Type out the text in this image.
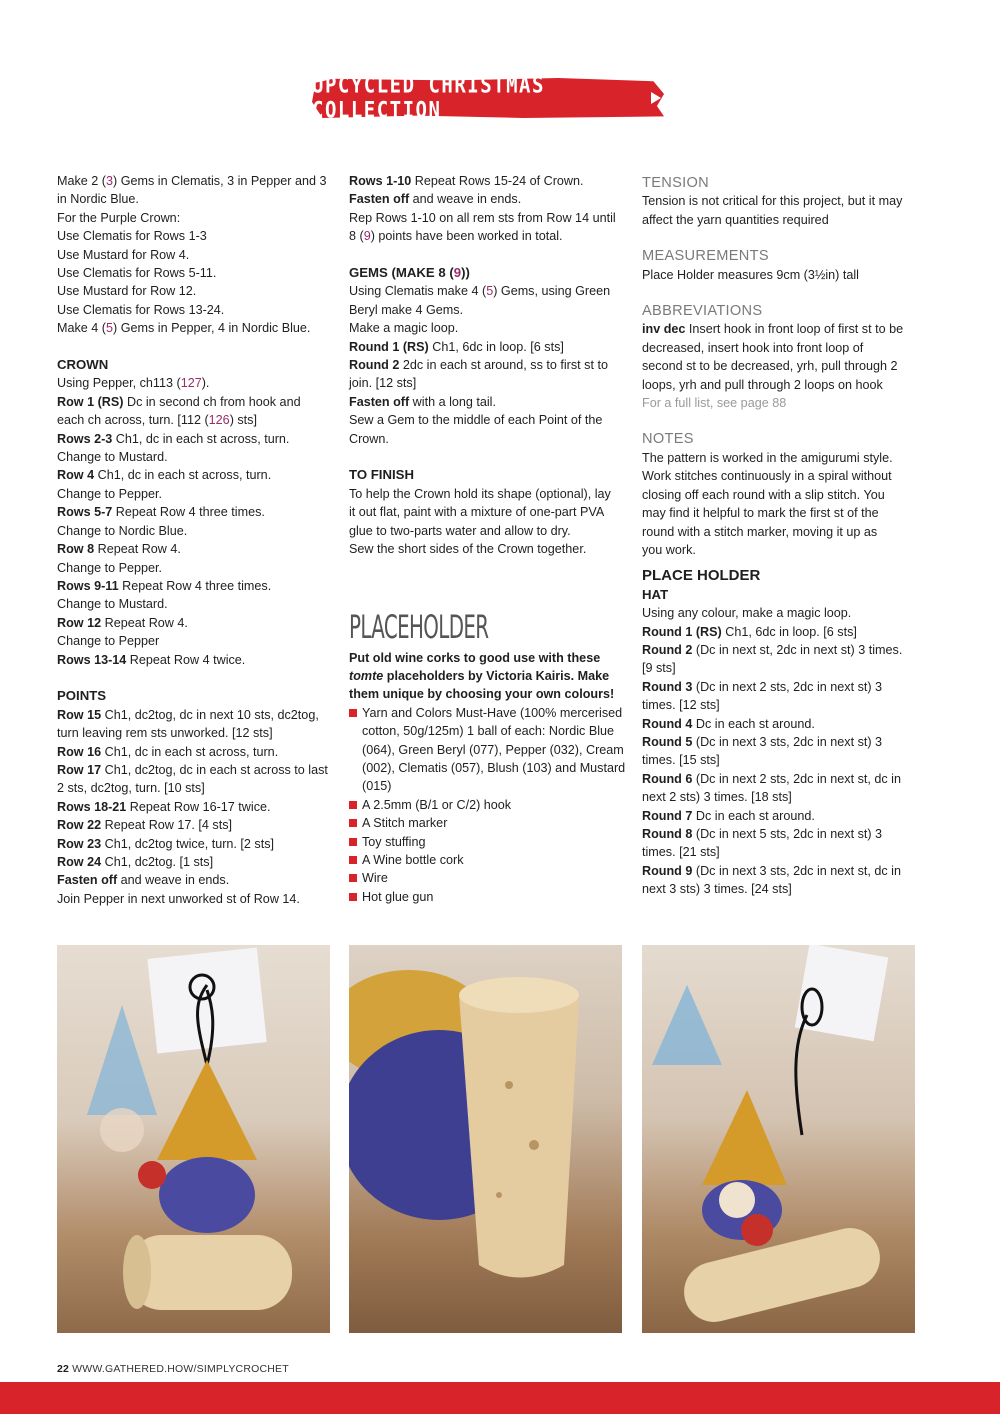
UPCYCLED CHRISTMAS COLLECTION
Make 2 (3) Gems in Clematis, 3 in Pepper and 3
in Nordic Blue.
For the Purple Crown:
Use Clematis for Rows 1-3
Use Mustard for Row 4.
Use Clematis for Rows 5-11.
Use Mustard for Row 12.
Use Clematis for Rows 13-24.
Make 4 (5) Gems in Pepper, 4 in Nordic Blue.
CROWN
Using Pepper, ch113 (127).
Row 1 (RS) Dc in second ch from hook and
each ch across, turn. [112 (126) sts]
Rows 2-3 Ch1, dc in each st across, turn.
Change to Mustard.
Row 4 Ch1, dc in each st across, turn.
Change to Pepper.
Rows 5-7 Repeat Row 4 three times.
Change to Nordic Blue.
Row 8 Repeat Row 4.
Change to Pepper.
Rows 9-11 Repeat Row 4 three times.
Change to Mustard.
Row 12 Repeat Row 4.
Change to Pepper
Rows 13-14 Repeat Row 4 twice.
POINTS
Row 15 Ch1, dc2tog, dc in next 10 sts, dc2tog,
turn leaving rem sts unworked. [12 sts]
Row 16 Ch1, dc in each st across, turn.
Row 17 Ch1, dc2tog, dc in each st across to last
2 sts, dc2tog, turn. [10 sts]
Rows 18-21 Repeat Row 16-17 twice.
Row 22 Repeat Row 17. [4 sts]
Row 23 Ch1, dc2tog twice, turn. [2 sts]
Row 24 Ch1, dc2tog. [1 sts]
Fasten off and weave in ends.
Join Pepper in next unworked st of Row 14.
Rows 1-10 Repeat Rows 15-24 of Crown.
Fasten off and weave in ends.
Rep Rows 1-10 on all rem sts from Row 14 until
8 (9) points have been worked in total.
GEMS (MAKE 8 (9))
Using Clematis make 4 (5) Gems, using Green
Beryl make 4 Gems.
Make a magic loop.
Round 1 (RS) Ch1, 6dc in loop. [6 sts]
Round 2 2dc in each st around, ss to first st to
join. [12 sts]
Fasten off with a long tail.
Sew a Gem to the middle of each Point of the
Crown.
TO FINISH
To help the Crown hold its shape (optional), lay
it out flat, paint with a mixture of one-part PVA
glue to two-parts water and allow to dry.
Sew the short sides of the Crown together.
PLACEHOLDER
Put old wine corks to good use with these
tomte placeholders by Victoria Kairis. Make
them unique by choosing your own colours!
Yarn and Colors Must-Have (100% mercerised
cotton, 50g/125m) 1 ball of each: Nordic Blue
(064), Green Beryl (077), Pepper (032), Cream
(002), Clematis (057), Blush (103) and Mustard
(015)
A 2.5mm (B/1 or C/2) hook
A Stitch marker
Toy stuffing
A Wine bottle cork
Wire
Hot glue gun
TENSION
Tension is not critical for this project, but it may
affect the yarn quantities required
MEASUREMENTS
Place Holder measures 9cm (3½in) tall
ABBREVIATIONS
inv dec Insert hook in front loop of first st to be
decreased, insert hook into front loop of
second st to be decreased, yrh, pull through 2
loops, yrh and pull through 2 loops on hook
For a full list, see page 88
NOTES
The pattern is worked in the amigurumi style.
Work stitches continuously in a spiral without
closing off each round with a slip stitch. You
may find it helpful to mark the first st of the
round with a stitch marker, moving it up as
you work.
PLACE HOLDER
HAT
Using any colour, make a magic loop.
Round 1 (RS) Ch1, 6dc in loop. [6 sts]
Round 2 (Dc in next st, 2dc in next st) 3 times.
[9 sts]
Round 3 (Dc in next 2 sts, 2dc in next st) 3
times. [12 sts]
Round 4 Dc in each st around.
Round 5 (Dc in next 3 sts, 2dc in next st) 3
times. [15 sts]
Round 6 (Dc in next 2 sts, 2dc in next st, dc in
next 2 sts) 3 times. [18 sts]
Round 7 Dc in each st around.
Round 8 (Dc in next 5 sts, 2dc in next st) 3
times. [21 sts]
Round 9 (Dc in next 3 sts, 2dc in next st, dc in
next 3 sts) 3 times. [24 sts]
22 WWW.GATHERED.HOW/SIMPLYCROCHET
